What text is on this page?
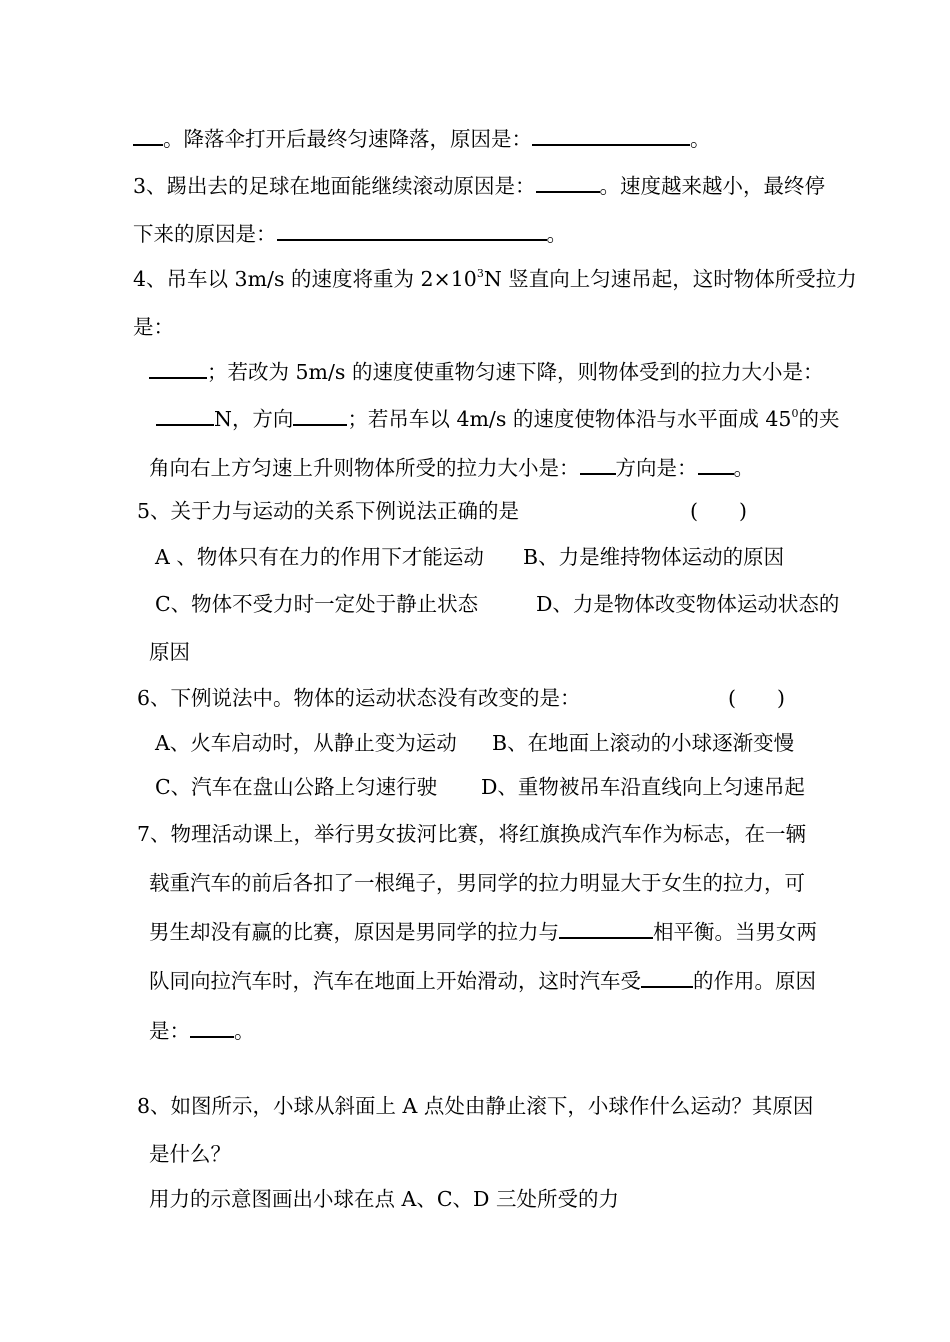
。降落伞打开后最终匀速降落，原因是：	。
3、踢出去的足球在地面能继续滚动原因是：	。速度越来越小，最终停
下来的原因是：	。
4、吊车以 3m/s 的速度将重为 $2\times 10^3N$ 竖直向上匀速吊起，这时物体所受拉力
是：
；若改为 5m/s 的速度使重物匀速下降，则物体受到的拉力大小是：
N，方向	；若吊车以 4m/s 的速度使物体沿与水平面成 $45^0$的夹
角向右上方匀速上升则物体所受的拉力大小是： 方向是： 。
5、关于力与运动的关系下例说法正确的是	(　　)
A 、物体只有在力的作用下才能运动 B、力是维持物体运动的原因
C、物体不受力时一定处于静止状态	D、力是物体改变物体运动状态的
原因
6、下例说法中。物体的运动状态没有改变的是：	(　　)
A、火车启动时，从静止变为运动 B、在地面上滚动的小球逐渐变慢
C、汽车在盘山公路上匀速行驶 D、重物被吊车沿直线向上匀速吊起
7、物理活动课上，举行男女拔河比赛，将红旗换成汽车作为标志，在一辆
载重汽车的前后各扣了一根绳子，男同学的拉力明显大于女生的拉力，可
男生却没有赢的比赛，原因是男同学的拉力与	相平衡。当男女两
队同向拉汽车时，汽车在地面上开始滑动，这时汽车受	的作用。原因
是： 。
8、如图所示，小球从斜面上 A 点处由静止滚下，小球作什么运动？其原因
是什么？
用力的示意图画出小球在点 A、C、D 三处所受的力
